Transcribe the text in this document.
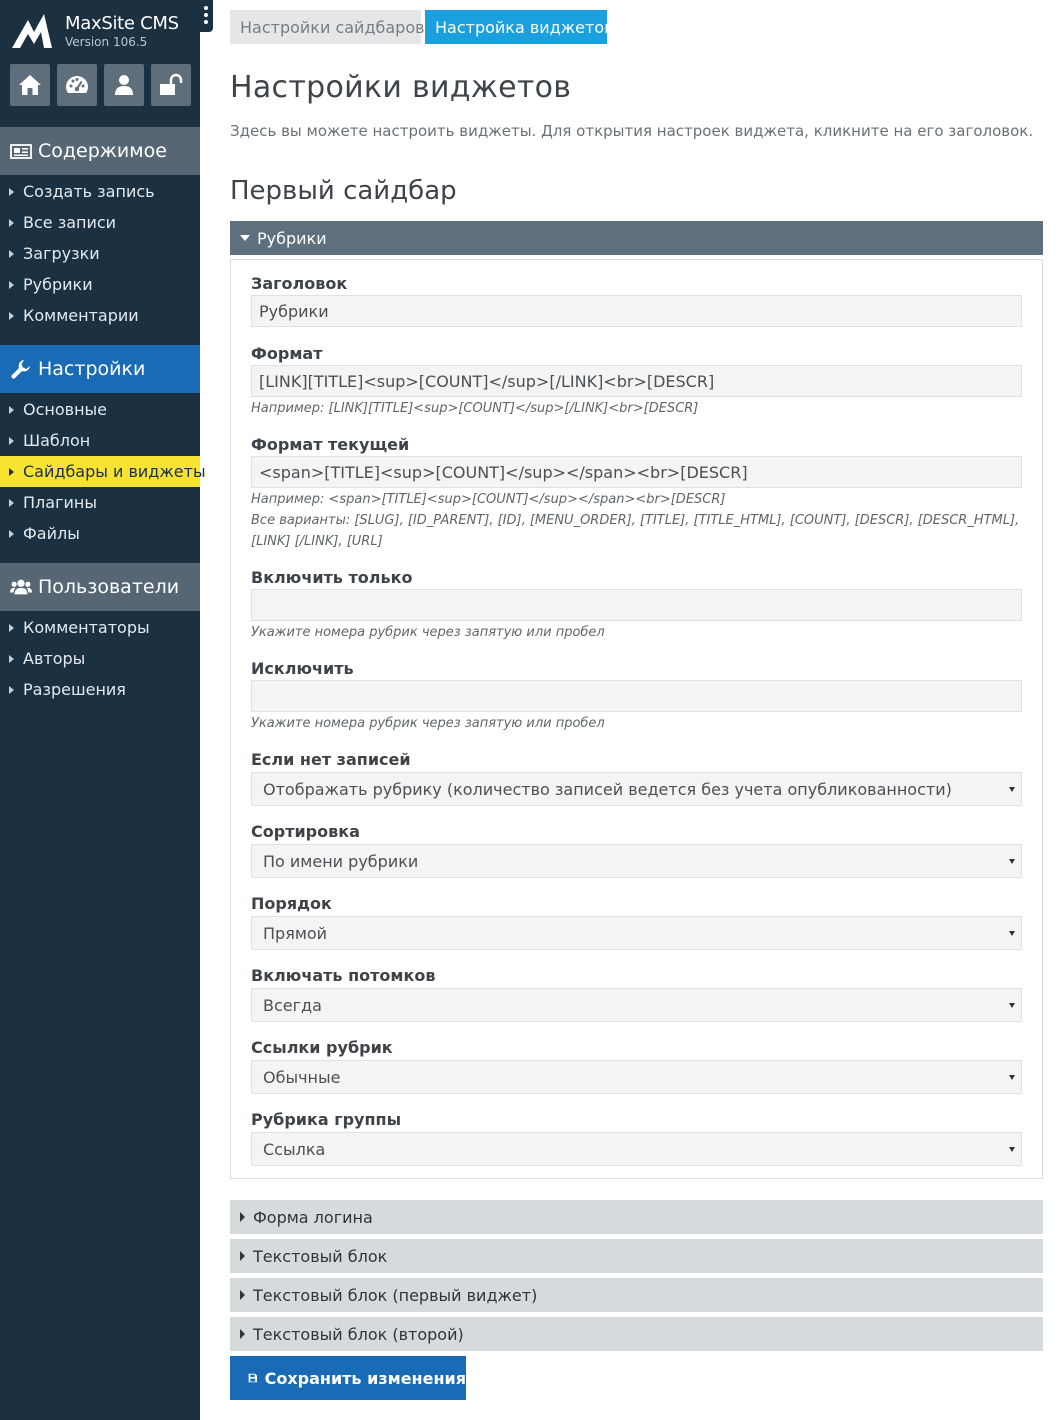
MaxSite CMS
Version 106.5
Содержимое
Создать запись
Все записи
Загрузки
Рубрики
Комментарии
Настройки
Основные
Шаблон
Сайдбары и виджеты
Плагины
Файлы
Пользователи
Комментаторы
Авторы
Разрешения
Настройки сайдбаров Настройка виджетов
Настройки виджетов
Здесь вы можете настроить виджеты. Для открытия настроек виджета, кликните на его заголовок.
Первый сайдбар
Рубрики
Заголовок
Рубрики
Формат
[LINK][TITLE]<sup>[COUNT]</sup>[/LINK]<br>[DESCR]
Например: [LINK][TITLE]<sup>[COUNT]</sup>[/LINK]<br>[DESCR]
Формат текущей
<span>[TITLE]<sup>[COUNT]</sup></span><br>[DESCR]
Например: <span>[TITLE]<sup>[COUNT]</sup></span><br>[DESCR]
Все варианты: [SLUG], [ID_PARENT], [ID], [MENU_ORDER], [TITLE], [TITLE_HTML], [COUNT], [DESCR], [DESCR_HTML], [LINK] [/LINK], [URL]
Включить только
Укажите номера рубрик через запятую или пробел
Исключить
Укажите номера рубрик через запятую или пробел
Если нет записей
Отображать рубрику (количество записей ведется без учета опубликованности)
Сортировка
По имени рубрики
Порядок
Прямой
Включать потомков
Всегда
Ссылки рубрик
Обычные
Рубрика группы
Ссылка
Форма логина
Текстовый блок
Текстовый блок (первый виджет)
Текстовый блок (второй)
Сохранить изменения
